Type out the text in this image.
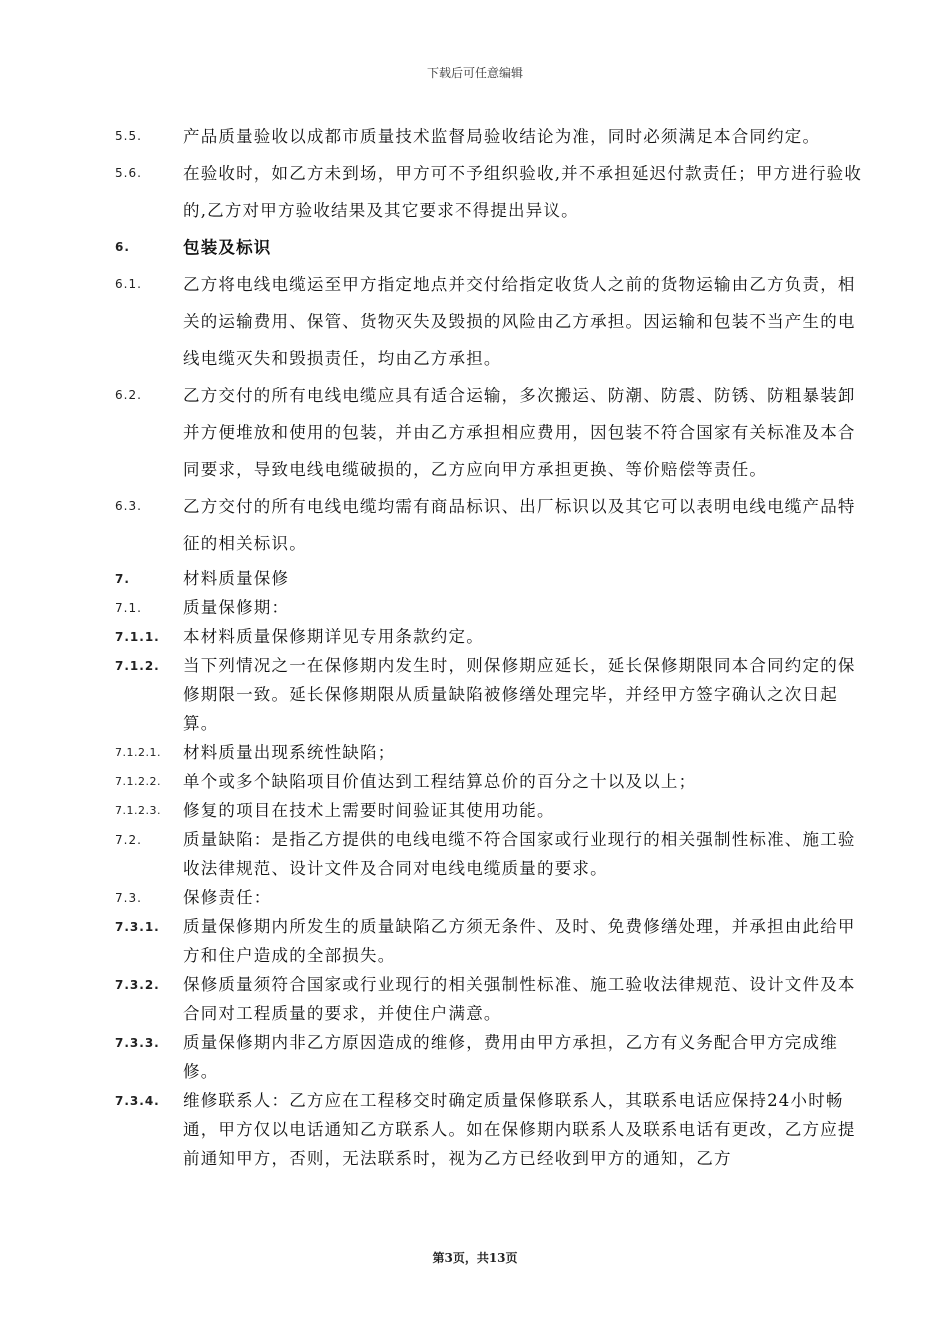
下载后可任意编辑
5.5. 产品质量验收以成都市质量技术监督局验收结论为准，同时必须满足本合同约定。
5.6. 在验收时，如乙方未到场，甲方可不予组织验收,并不承担延迟付款责任；甲方进行验收的,乙方对甲方验收结果及其它要求不得提出异议。
6.	包装及标识
6.1. 乙方将电线电缆运至甲方指定地点并交付给指定收货人之前的货物运输由乙方负责，相关的运输费用、保管、货物灭失及毁损的风险由乙方承担。因运输和包装不当产生的电线电缆灭失和毁损责任，均由乙方承担。
6.2. 乙方交付的所有电线电缆应具有适合运输，多次搬运、防潮、防震、防锈、防粗暴装卸并方便堆放和使用的包装，并由乙方承担相应费用，因包装不符合国家有关标准及本合同要求，导致电线电缆破损的，乙方应向甲方承担更换、等价赔偿等责任。
6.3. 乙方交付的所有电线电缆均需有商品标识、出厂标识以及其它可以表明电线电缆产品特征的相关标识。
7.	材料质量保修
7.1. 质量保修期：
7.1.1. 本材料质量保修期详见专用条款约定。
7.1.2. 当下列情况之一在保修期内发生时，则保修期应延长，延长保修期限同本合同约定的保修期限一致。延长保修期限从质量缺陷被修缮处理完毕，并经甲方签字确认之次日起算。
7.1.2.1. 材料质量出现系统性缺陷；
7.1.2.2. 单个或多个缺陷项目价值达到工程结算总价的百分之十以及以上；
7.1.2.3. 修复的项目在技术上需要时间验证其使用功能。
7.2. 质量缺陷：是指乙方提供的电线电缆不符合国家或行业现行的相关强制性标准、施工验收法律规范、设计文件及合同对电线电缆质量的要求。
7.3. 保修责任：
7.3.1. 质量保修期内所发生的质量缺陷乙方须无条件、及时、免费修缮处理，并承担由此给甲方和住户造成的全部损失。
7.3.2. 保修质量须符合国家或行业现行的相关强制性标准、施工验收法律规范、设计文件及本合同对工程质量的要求，并使住户满意。
7.3.3. 质量保修期内非乙方原因造成的维修，费用由甲方承担，乙方有义务配合甲方完成维修。
7.3.4. 维修联系人：乙方应在工程移交时确定质量保修联系人，其联系电话应保持24小时畅通，甲方仅以电话通知乙方联系人。如在保修期内联系人及联系电话有更改，乙方应提前通知甲方，否则，无法联系时，视为乙方已经收到甲方的通知，乙方
第3页，共13页
